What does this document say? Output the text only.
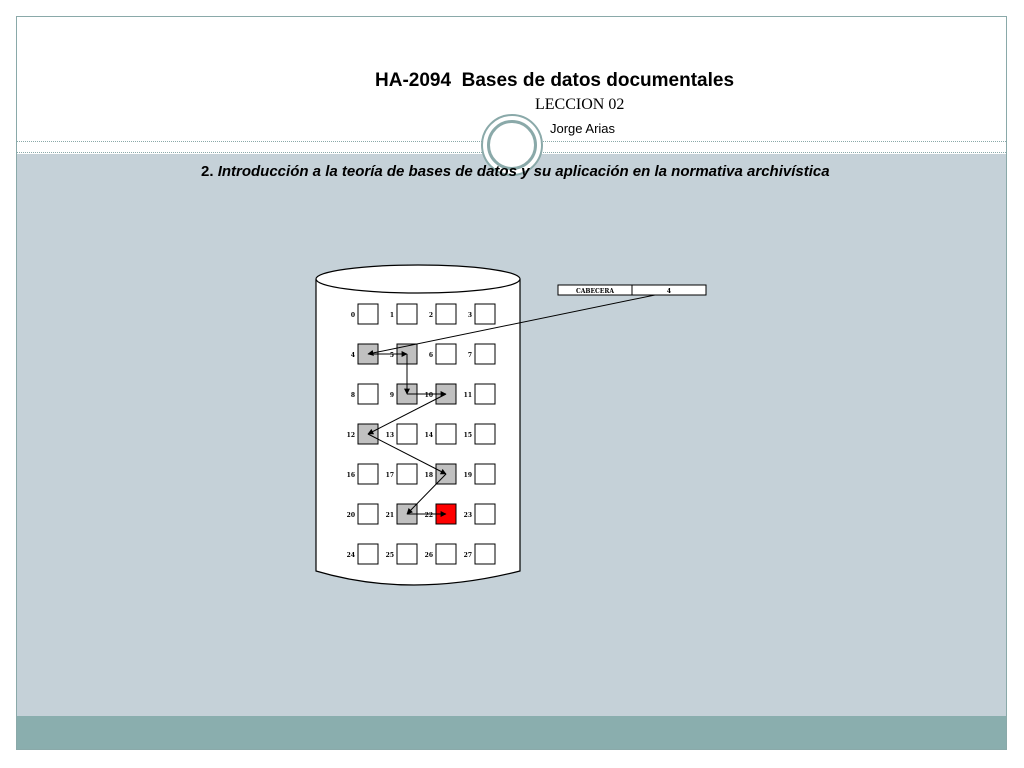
HA-2094  Bases de datos documentales
LECCION 02
Jorge Arias
2. Introducción a la teoría de bases de datos y su aplicación en la normativa archivística
CABECERA	4
0	1	2	3
4	5	6	7
8	9	10	11
12	13	14	15
16	17	18	19
20	21	22	23
24	25	26	27
